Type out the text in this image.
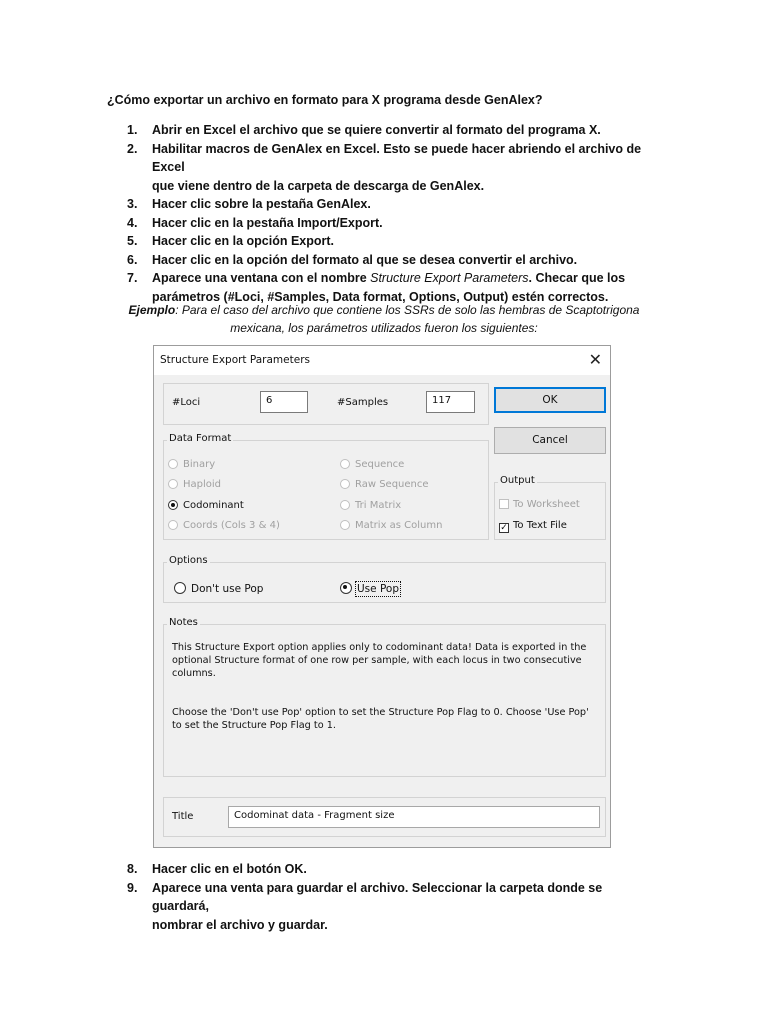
¿Cómo exportar un archivo en formato para X programa desde GenAlex?
1. Abrir en Excel el archivo que se quiere convertir al formato del programa X.
2. Habilitar macros de GenAlex en Excel. Esto se puede hacer abriendo el archivo de Excel
que viene dentro de la carpeta de descarga de GenAlex.
3. Hacer clic sobre la pestaña GenAlex.
4. Hacer clic en la pestaña Import/Export.
5. Hacer clic en la opción Export.
6. Hacer clic en la opción del formato al que se desea convertir el archivo.
7. Aparece una ventana con el nombre Structure Export Parameters. Checar que los
parámetros (#Loci, #Samples, Data format, Options, Output) estén correctos.
Ejemplo: Para el caso del archivo que contiene los SSRs de solo las hembras de Scaptotrigona
mexicana, los parámetros utilizados fueron los siguientes:
Structure Export Parameters	✕
#Loci	6	#Samples	117	OK
Cancel
Data Format
Binary
Haploid
Codominant
Coords (Cols 3 & 4)
Sequence
Raw Sequence
Tri Matrix
Matrix as Column
Output
To Worksheet
✓ To Text File
Options
Don't use Pop	Use Pop
Notes
This Structure Export option applies only to codominant data! Data is exported in the
optional Structure format of one row per sample, with each locus in two consecutive
columns.

Choose the 'Don't use Pop' option to set the Structure Pop Flag to 0. Choose 'Use Pop'
to set the Structure Pop Flag to 1.
Title	Codominat data - Fragment size
8. Hacer clic en el botón OK.
9. Aparece una venta para guardar el archivo. Seleccionar la carpeta donde se guardará,
nombrar el archivo y guardar.
